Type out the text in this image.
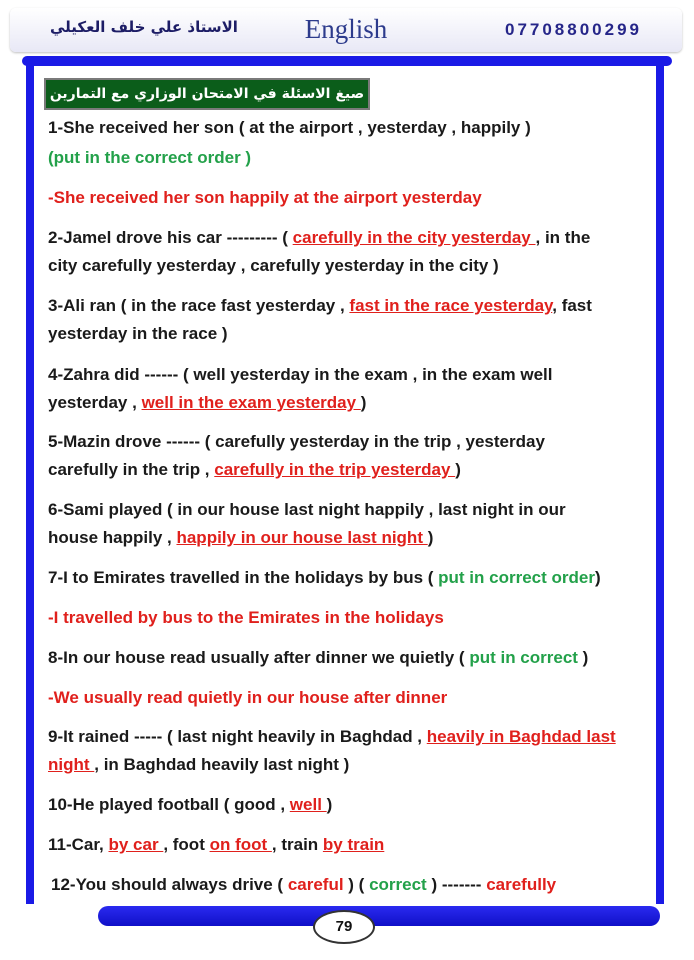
الاستاذ علي خلف العكيلي	English	07708800299
صيغ الاسئلة في الامتحان الوزاري مع التمارين
1-She received her son ( at the airport , yesterday , happily )
(put in the correct order )
-She received her son happily at the airport yesterday
2-Jamel drove his car --------- ( carefully in the city yesterday , in the
city carefully yesterday , carefully yesterday in the city )
3-Ali ran ( in the race fast yesterday , fast in the race yesterday, fast
yesterday in the race )
4-Zahra did ------ ( well yesterday in the exam , in the exam well
yesterday , well in the exam yesterday )
5-Mazin drove ------ ( carefully yesterday in the trip , yesterday
carefully in the trip , carefully in the trip yesterday )
6-Sami played ( in our house last night happily , last night in our
house happily , happily in our house last night )
7-I to Emirates travelled in the holidays by bus ( put in correct order)
-I travelled by bus to the Emirates in the holidays
8-In our house read usually after dinner we quietly ( put in correct )
-We usually read quietly in our house after dinner
9-It rained ----- ( last night heavily in Baghdad , heavily in Baghdad last
night , in Baghdad heavily last night )
10-He played football ( good , well )
11-Car, by car , foot on foot , train by train
12-You should always drive ( careful ) ( correct ) ------- carefully
79
